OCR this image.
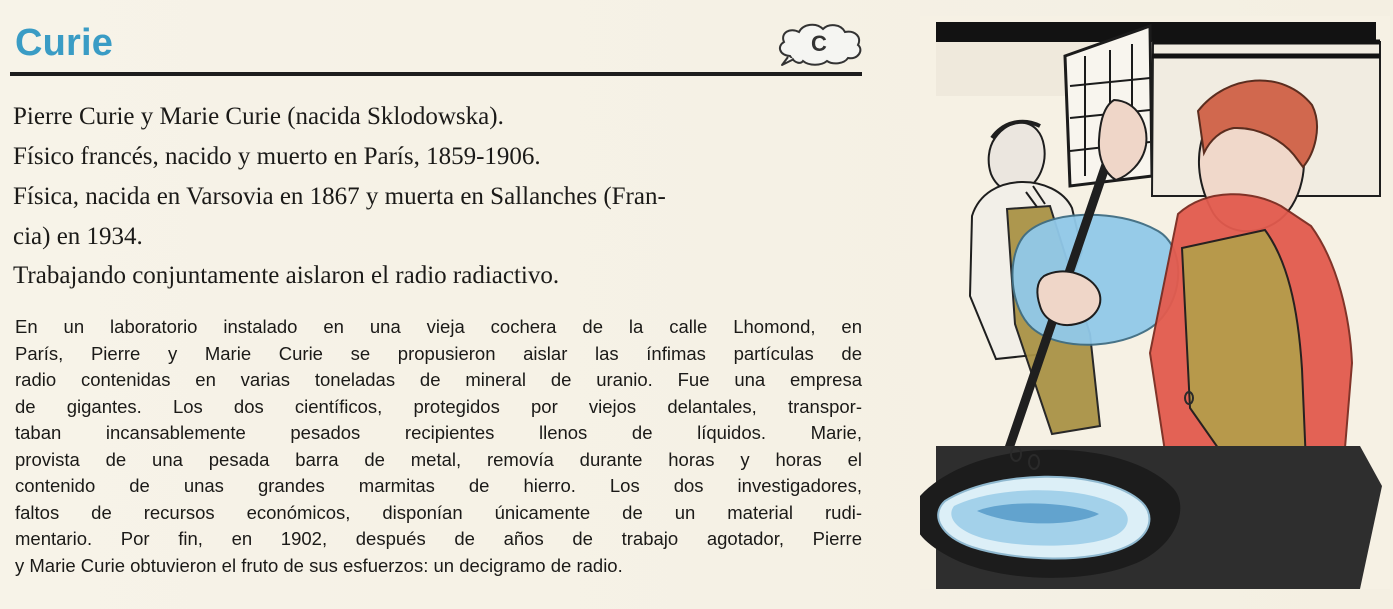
Curie	C
Pierre Curie y Marie Curie (nacida Sklodowska).
Físico francés, nacido y muerto en París, 1859-1906.
Física, nacida en Varsovia en 1867 y muerta en Sallanches (Fran-
cia) en 1934.
Trabajando conjuntamente aislaron el radio radiactivo.
En un laboratorio instalado en una vieja cochera de la calle Lhomond, en
París, Pierre y Marie Curie se propusieron aislar las ínfimas partículas de
radio contenidas en varias toneladas de mineral de uranio. Fue una empresa
de gigantes. Los dos científicos, protegidos por viejos delantales, transpor-
taban incansablemente pesados recipientes llenos de líquidos. Marie,
provista de una pesada barra de metal, removía durante horas y horas el
contenido de unas grandes marmitas de hierro. Los dos investigadores,
faltos de recursos económicos, disponían únicamente de un material rudi-
mentario. Por fin, en 1902, después de años de trabajo agotador, Pierre
y Marie Curie obtuvieron el fruto de sus esfuerzos: un decigramo de radio.
